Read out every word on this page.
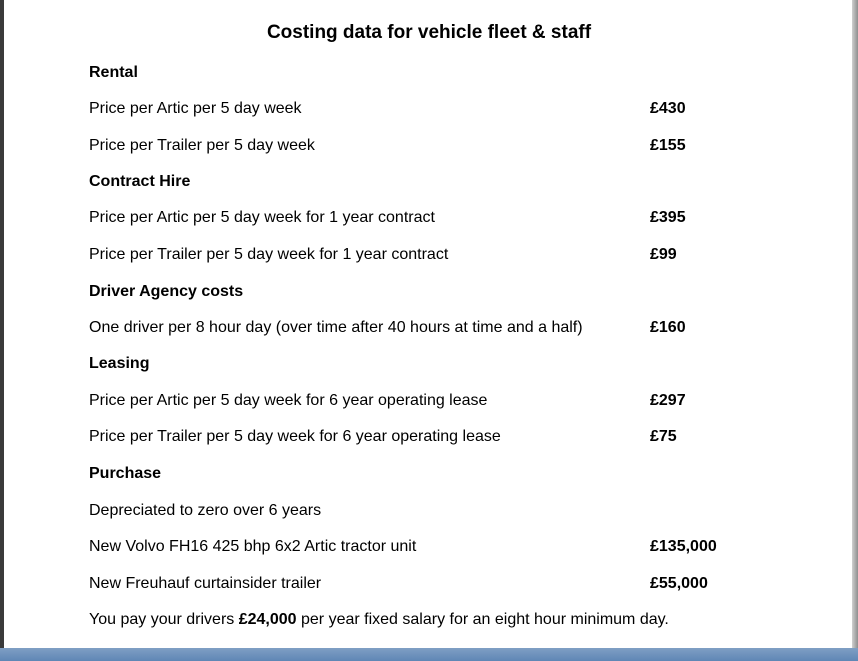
Costing data for vehicle fleet & staff
Rental
Price per Artic per 5 day week	£430
Price per Trailer per 5 day week	£155
Contract Hire
Price per Artic per 5 day week for 1 year contract	£395
Price per Trailer per 5 day week for 1 year contract	£99
Driver Agency costs
One driver per 8 hour day (over time after 40 hours at time and a half)	£160
Leasing
Price per Artic per 5 day week for 6 year operating lease	£297
Price per Trailer per 5 day week for 6 year operating lease	£75
Purchase
Depreciated to zero over 6 years
New Volvo FH16 425 bhp 6x2 Artic tractor unit	£135,000
New Freuhauf curtainsider trailer	£55,000
You pay your drivers £24,000 per year fixed salary for an eight hour minimum day.
